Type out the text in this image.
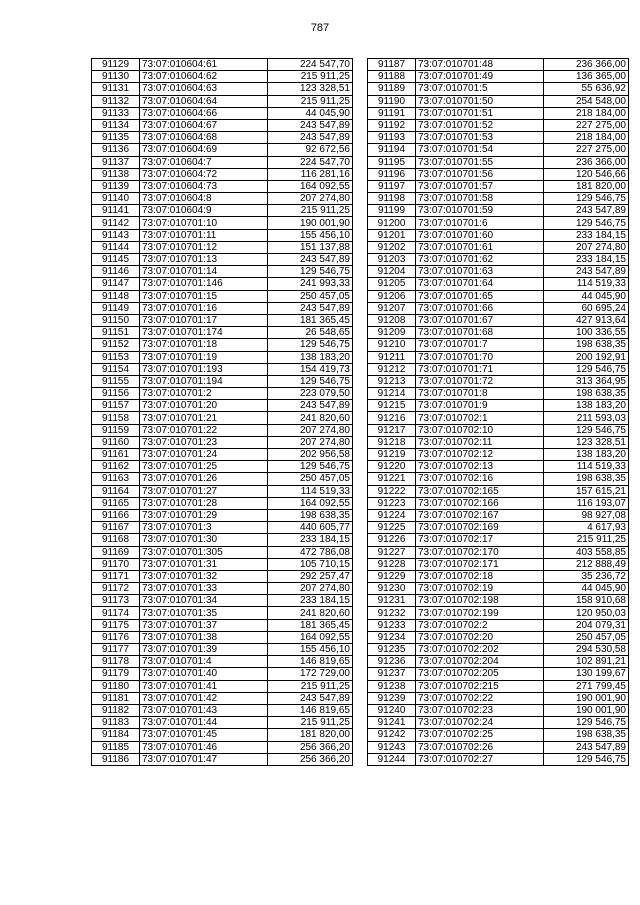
787
91129	73:07:010604:61	224 547,70
91130	73:07:010604:62	215 911,25
91131	73:07:010604:63	123 328,51
91132	73:07:010604:64	215 911,25
91133	73:07:010604:66	44 045,90
91134	73:07:010604:67	243 547,89
91135	73:07:010604:68	243 547,89
91136	73:07:010604:69	92 672,56
91137	73:07:010604:7	224 547,70
91138	73:07:010604:72	116 281,16
91139	73:07:010604:73	164 092,55
91140	73:07:010604:8	207 274,80
91141	73:07:010604:9	215 911,25
91142	73:07:010701:10	190 001,90
91143	73:07:010701:11	155 456,10
91144	73:07:010701:12	151 137,88
91145	73:07:010701:13	243 547,89
91146	73:07:010701:14	129 546,75
91147	73:07:010701:146	241 993,33
91148	73:07:010701:15	250 457,05
91149	73:07:010701:16	243 547,89
91150	73:07:010701:17	181 365,45
91151	73:07:010701:174	26 548,65
91152	73:07:010701:18	129 546,75
91153	73:07:010701:19	138 183,20
91154	73:07:010701:193	154 419,73
91155	73:07:010701:194	129 546,75
91156	73:07:010701:2	223 079,50
91157	73:07:010701:20	243 547,89
91158	73:07:010701:21	241 820,60
91159	73:07:010701:22	207 274,80
91160	73:07:010701:23	207 274,80
91161	73:07:010701:24	202 956,58
91162	73:07:010701:25	129 546,75
91163	73:07:010701:26	250 457,05
91164	73:07:010701:27	114 519,33
91165	73:07:010701:28	164 092,55
91166	73:07:010701:29	198 638,35
91167	73:07:010701:3	440 605,77
91168	73:07:010701:30	233 184,15
91169	73:07:010701:305	472 786,08
91170	73:07:010701:31	105 710,15
91171	73:07:010701:32	292 257,47
91172	73:07:010701:33	207 274,80
91173	73:07:010701:34	233 184,15
91174	73:07:010701:35	241 820,60
91175	73:07:010701:37	181 365,45
91176	73:07:010701:38	164 092,55
91177	73:07:010701:39	155 456,10
91178	73:07:010701:4	146 819,65
91179	73:07:010701:40	172 729,00
91180	73:07:010701:41	215 911,25
91181	73:07:010701:42	243 547,89
91182	73:07:010701:43	146 819,65
91183	73:07:010701:44	215 911,25
91184	73:07:010701:45	181 820,00
91185	73:07:010701:46	256 366,20
91186	73:07:010701:47	256 366,20
91187	73:07:010701:48	236 366,00
91188	73:07:010701:49	136 365,00
91189	73:07:010701:5	55 636,92
91190	73:07:010701:50	254 548,00
91191	73:07:010701:51	218 184,00
91192	73:07:010701:52	227 275,00
91193	73:07:010701:53	218 184,00
91194	73:07:010701:54	227 275,00
91195	73:07:010701:55	236 366,00
91196	73:07:010701:56	120 546,66
91197	73:07:010701:57	181 820,00
91198	73:07:010701:58	129 546,75
91199	73:07:010701:59	243 547,89
91200	73:07:010701:6	129 546,75
91201	73:07:010701:60	233 184,15
91202	73:07:010701:61	207 274,80
91203	73:07:010701:62	233 184,15
91204	73:07:010701:63	243 547,89
91205	73:07:010701:64	114 519,33
91206	73:07:010701:65	44 045,90
91207	73:07:010701:66	60 695,24
91208	73:07:010701:67	427 913,64
91209	73:07:010701:68	100 336,55
91210	73:07:010701:7	198 638,35
91211	73:07:010701:70	200 192,91
91212	73:07:010701:71	129 546,75
91213	73:07:010701:72	313 364,95
91214	73:07:010701:8	198 638,35
91215	73:07:010701:9	138 183,20
91216	73:07:010702:1	211 593,03
91217	73:07:010702:10	129 546,75
91218	73:07:010702:11	123 328,51
91219	73:07:010702:12	138 183,20
91220	73:07:010702:13	114 519,33
91221	73:07:010702:16	198 638,35
91222	73:07:010702:165	157 615,21
91223	73:07:010702:166	116 193,07
91224	73:07:010702:167	98 927,08
91225	73:07:010702:169	4 617,93
91226	73:07:010702:17	215 911,25
91227	73:07:010702:170	403 558,85
91228	73:07:010702:171	212 888,49
91229	73:07:010702:18	35 236,72
91230	73:07:010702:19	44 045,90
91231	73:07:010702:198	158 910,68
91232	73:07:010702:199	120 950,03
91233	73:07:010702:2	204 079,31
91234	73:07:010702:20	250 457,05
91235	73:07:010702:202	294 530,58
91236	73:07:010702:204	102 891,21
91237	73:07:010702:205	130 199,67
91238	73:07:010702:215	271 799,45
91239	73:07:010702:22	190 001,90
91240	73:07:010702:23	190 001,90
91241	73:07:010702:24	129 546,75
91242	73:07:010702:25	198 638,35
91243	73:07:010702:26	243 547,89
91244	73:07:010702:27	129 546,75
